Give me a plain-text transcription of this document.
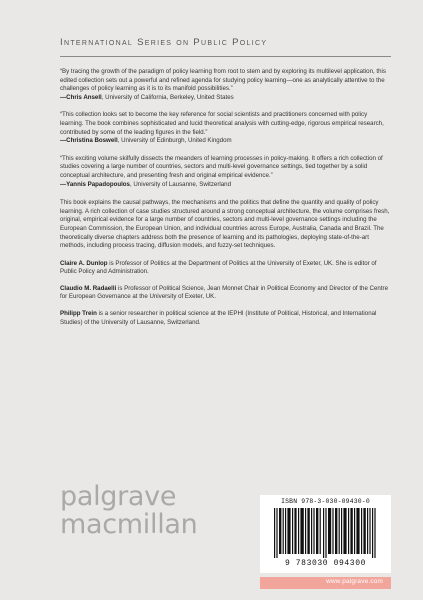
International Series on Public Policy

“By tracing the growth of the paradigm of policy learning from root to stem and by exploring its multilevel application, this edited collection sets out a powerful and refined agenda for studying policy learning—one as analytically attentive to the challenges of policy learning as it is to its manifold possibilities.”

—Chris Ansell, University of California, Berkeley, United States

“This collection looks set to become the key reference for social scientists and practitioners concerned with policy learning. The book combines sophisticated and lucid theoretical analysis with cutting-edge, rigorous empirical research, contributed by some of the leading figures in the field.”

—Christina Boswell, University of Edinburgh, United Kingdom

“This exciting volume skilfully dissects the meanders of learning processes in policy-making. It offers a rich collection of studies covering a large number of countries, sectors and multi-level governance settings, tied together by a solid conceptual architecture, and presenting fresh and original empirical evidence.”

—Yannis Papadopoulos, University of Lausanne, Switzerland

This book explains the causal pathways, the mechanisms and the politics that define the quantity and quality of policy learning. A rich collection of case studies structured around a strong conceptual architecture, the volume comprises fresh, original, empirical evidence for a large number of countries, sectors and multi-level governance settings including the European Commission, the European Union, and individual countries across Europe, Australia, Canada and Brazil. The theoretically diverse chapters address both the presence of learning and its pathologies, deploying state-of-the-art methods, including process tracing, diffusion models, and fuzzy-set techniques.

Claire A. Dunlop is Professor of Politics at the Department of Politics at the University of Exeter, UK. She is editor of Public Policy and Administration.

Claudio M. Radaelli is Professor of Political Science, Jean Monnet Chair in Political Economy and Director of the Centre for European Governance at the University of Exeter, UK.

Philipp Trein is a senior researcher in political science at the IEPHI (Institute of Political, Historical, and International Studies) of the University of Lausanne, Switzerland.

palgrave
macmillan
ISBN 978-3-030-09430-0
9 783030 094300
www.palgrave.com
